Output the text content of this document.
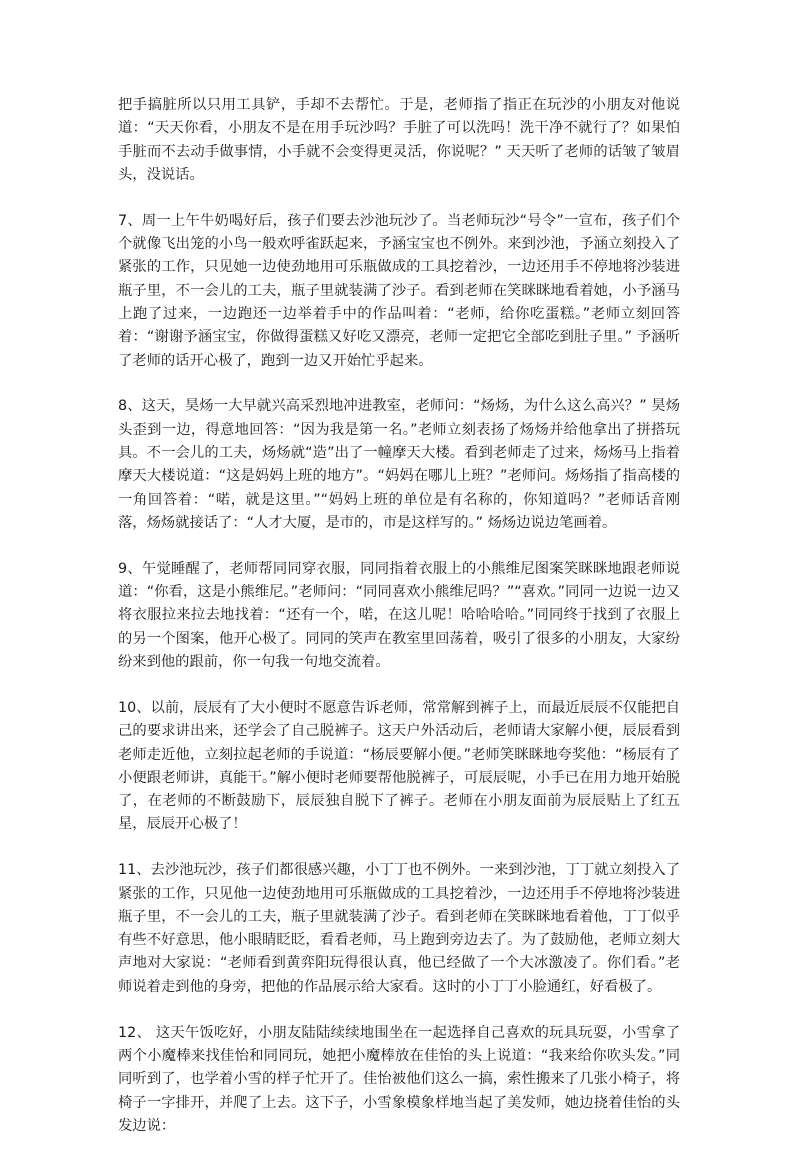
把手搞脏所以只用工具铲，手却不去帮忙。于是，老师指了指正在玩沙的小朋友对他说道：“天天你看，小朋友不是在用手玩沙吗？手脏了可以洗吗！洗干净不就行了？如果怕手脏而不去动手做事情，小手就不会变得更灵活，你说呢？” 天天听了老师的话皱了皱眉头，没说话。

7、周一上午牛奶喝好后，孩子们要去沙池玩沙了。当老师玩沙“号令”一宣布，孩子们个个就像飞出笼的小鸟一般欢呼雀跃起来，予涵宝宝也不例外。来到沙池，予涵立刻投入了紧张的工作，只见她一边使劲地用可乐瓶做成的工具挖着沙，一边还用手不停地将沙装进瓶子里，不一会儿的工夫，瓶子里就装满了沙子。看到老师在笑眯眯地看着她，小予涵马上跑了过来，一边跑还一边举着手中的作品叫着：“老师，给你吃蛋糕。”老师立刻回答着：“谢谢予涵宝宝，你做得蛋糕又好吃又漂亮，老师一定把它全部吃到肚子里。” 予涵听了老师的话开心极了，跑到一边又开始忙乎起来。

8、这天，昊炀一大早就兴高采烈地冲进教室，老师问：“炀炀，为什么这么高兴？” 昊炀头歪到一边，得意地回答：“因为我是第一名。”老师立刻表扬了炀炀并给他拿出了拼搭玩具。不一会儿的工夫，炀炀就“造”出了一幢摩天大楼。看到老师走了过来，炀炀马上指着摩天大楼说道：“这是妈妈上班的地方”。“妈妈在哪儿上班？”老师问。炀炀指了指高楼的一角回答着：“喏，就是这里。”“妈妈上班的单位是有名称的，你知道吗？”老师话音刚落，炀炀就接话了：“人才大厦，是市的，市是这样写的。” 炀炀边说边笔画着。

9、午觉睡醒了，老师帮同同穿衣服，同同指着衣服上的小熊维尼图案笑眯眯地跟老师说道：“你看，这是小熊维尼。”老师问：“同同喜欢小熊维尼吗？”“喜欢。”同同一边说一边又将衣服拉来拉去地找着：“还有一个，喏，在这儿呢！哈哈哈哈。”同同终于找到了衣服上的另一个图案，他开心极了。同同的笑声在教室里回荡着，吸引了很多的小朋友，大家纷纷来到他的跟前，你一句我一句地交流着。

10、以前，辰辰有了大小便时不愿意告诉老师，常常解到裤子上，而最近辰辰不仅能把自己的要求讲出来，还学会了自己脱裤子。这天户外活动后，老师请大家解小便，辰辰看到老师走近他，立刻拉起老师的手说道：“杨辰要解小便。”老师笑眯眯地夸奖他：“杨辰有了小便跟老师讲，真能干。”解小便时老师要帮他脱裤子，可辰辰呢，小手已在用力地开始脱了，在老师的不断鼓励下，辰辰独自脱下了裤子。老师在小朋友面前为辰辰贴上了红五星，辰辰开心极了！

11、去沙池玩沙，孩子们都很感兴趣，小丁丁也不例外。一来到沙池，丁丁就立刻投入了紧张的工作，只见他一边使劲地用可乐瓶做成的工具挖着沙，一边还用手不停地将沙装进瓶子里，不一会儿的工夫，瓶子里就装满了沙子。看到老师在笑眯眯地看着他，丁丁似乎有些不好意思，他小眼睛眨眨，看看老师，马上跑到旁边去了。为了鼓励他，老师立刻大声地对大家说：“老师看到黄弈阳玩得很认真，他已经做了一个大冰激凌了。你们看。”老师说着走到他的身旁，把他的作品展示给大家看。这时的小丁丁小脸通红，好看极了。

12、 这天午饭吃好，小朋友陆陆续续地围坐在一起选择自己喜欢的玩具玩耍，小雪拿了两个小魔棒来找佳怡和同同玩，她把小魔棒放在佳怡的头上说道：“我来给你吹头发。”同同听到了，也学着小雪的样子忙开了。佳怡被他们这么一搞，索性搬来了几张小椅子，将椅子一字排开，并爬了上去。这下子，小雪象模象样地当起了美发师，她边挠着佳怡的头发边说：
